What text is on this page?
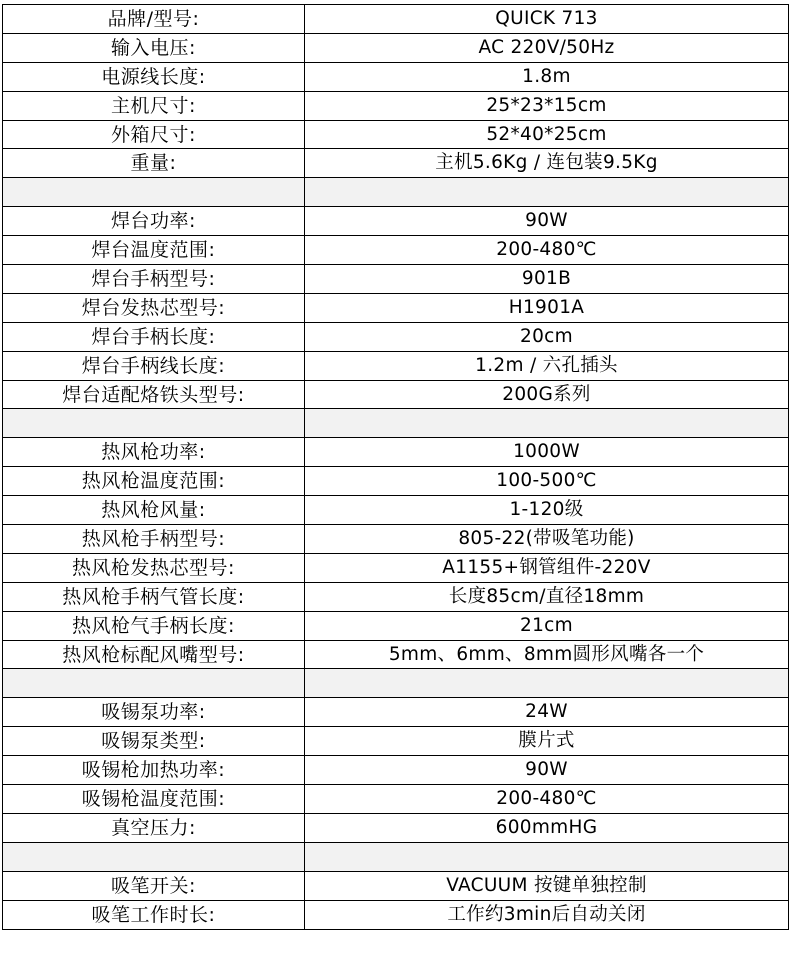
品牌/型号:	QUICK 713
输入电压:	AC 220V/50Hz
电源线长度:	1.8m
主机尺寸:	25*23*15cm
外箱尺寸:	52*40*25cm
重量:	主机5.6Kg / 连包装9.5Kg

焊台功率:	90W
焊台温度范围:	200-480℃
焊台手柄型号:	901B
焊台发热芯型号:	H1901A
焊台手柄长度:	20cm
焊台手柄线长度:	1.2m / 六孔插头
焊台适配烙铁头型号:	200G系列

热风枪功率:	1000W
热风枪温度范围:	100-500℃
热风枪风量:	1-120级
热风枪手柄型号:	805-22(带吸笔功能)
热风枪发热芯型号:	A1155+钢管组件-220V
热风枪手柄气管长度:	长度85cm/直径18mm
热风枪气手柄长度:	21cm
热风枪标配风嘴型号:	5mm、6mm、8mm圆形风嘴各一个

吸锡泵功率:	24W
吸锡泵类型:	膜片式
吸锡枪加热功率:	90W
吸锡枪温度范围:	200-480℃
真空压力:	600mmHG

吸笔开关:	VACUUM 按键单独控制
吸笔工作时长:	工作约3min后自动关闭
